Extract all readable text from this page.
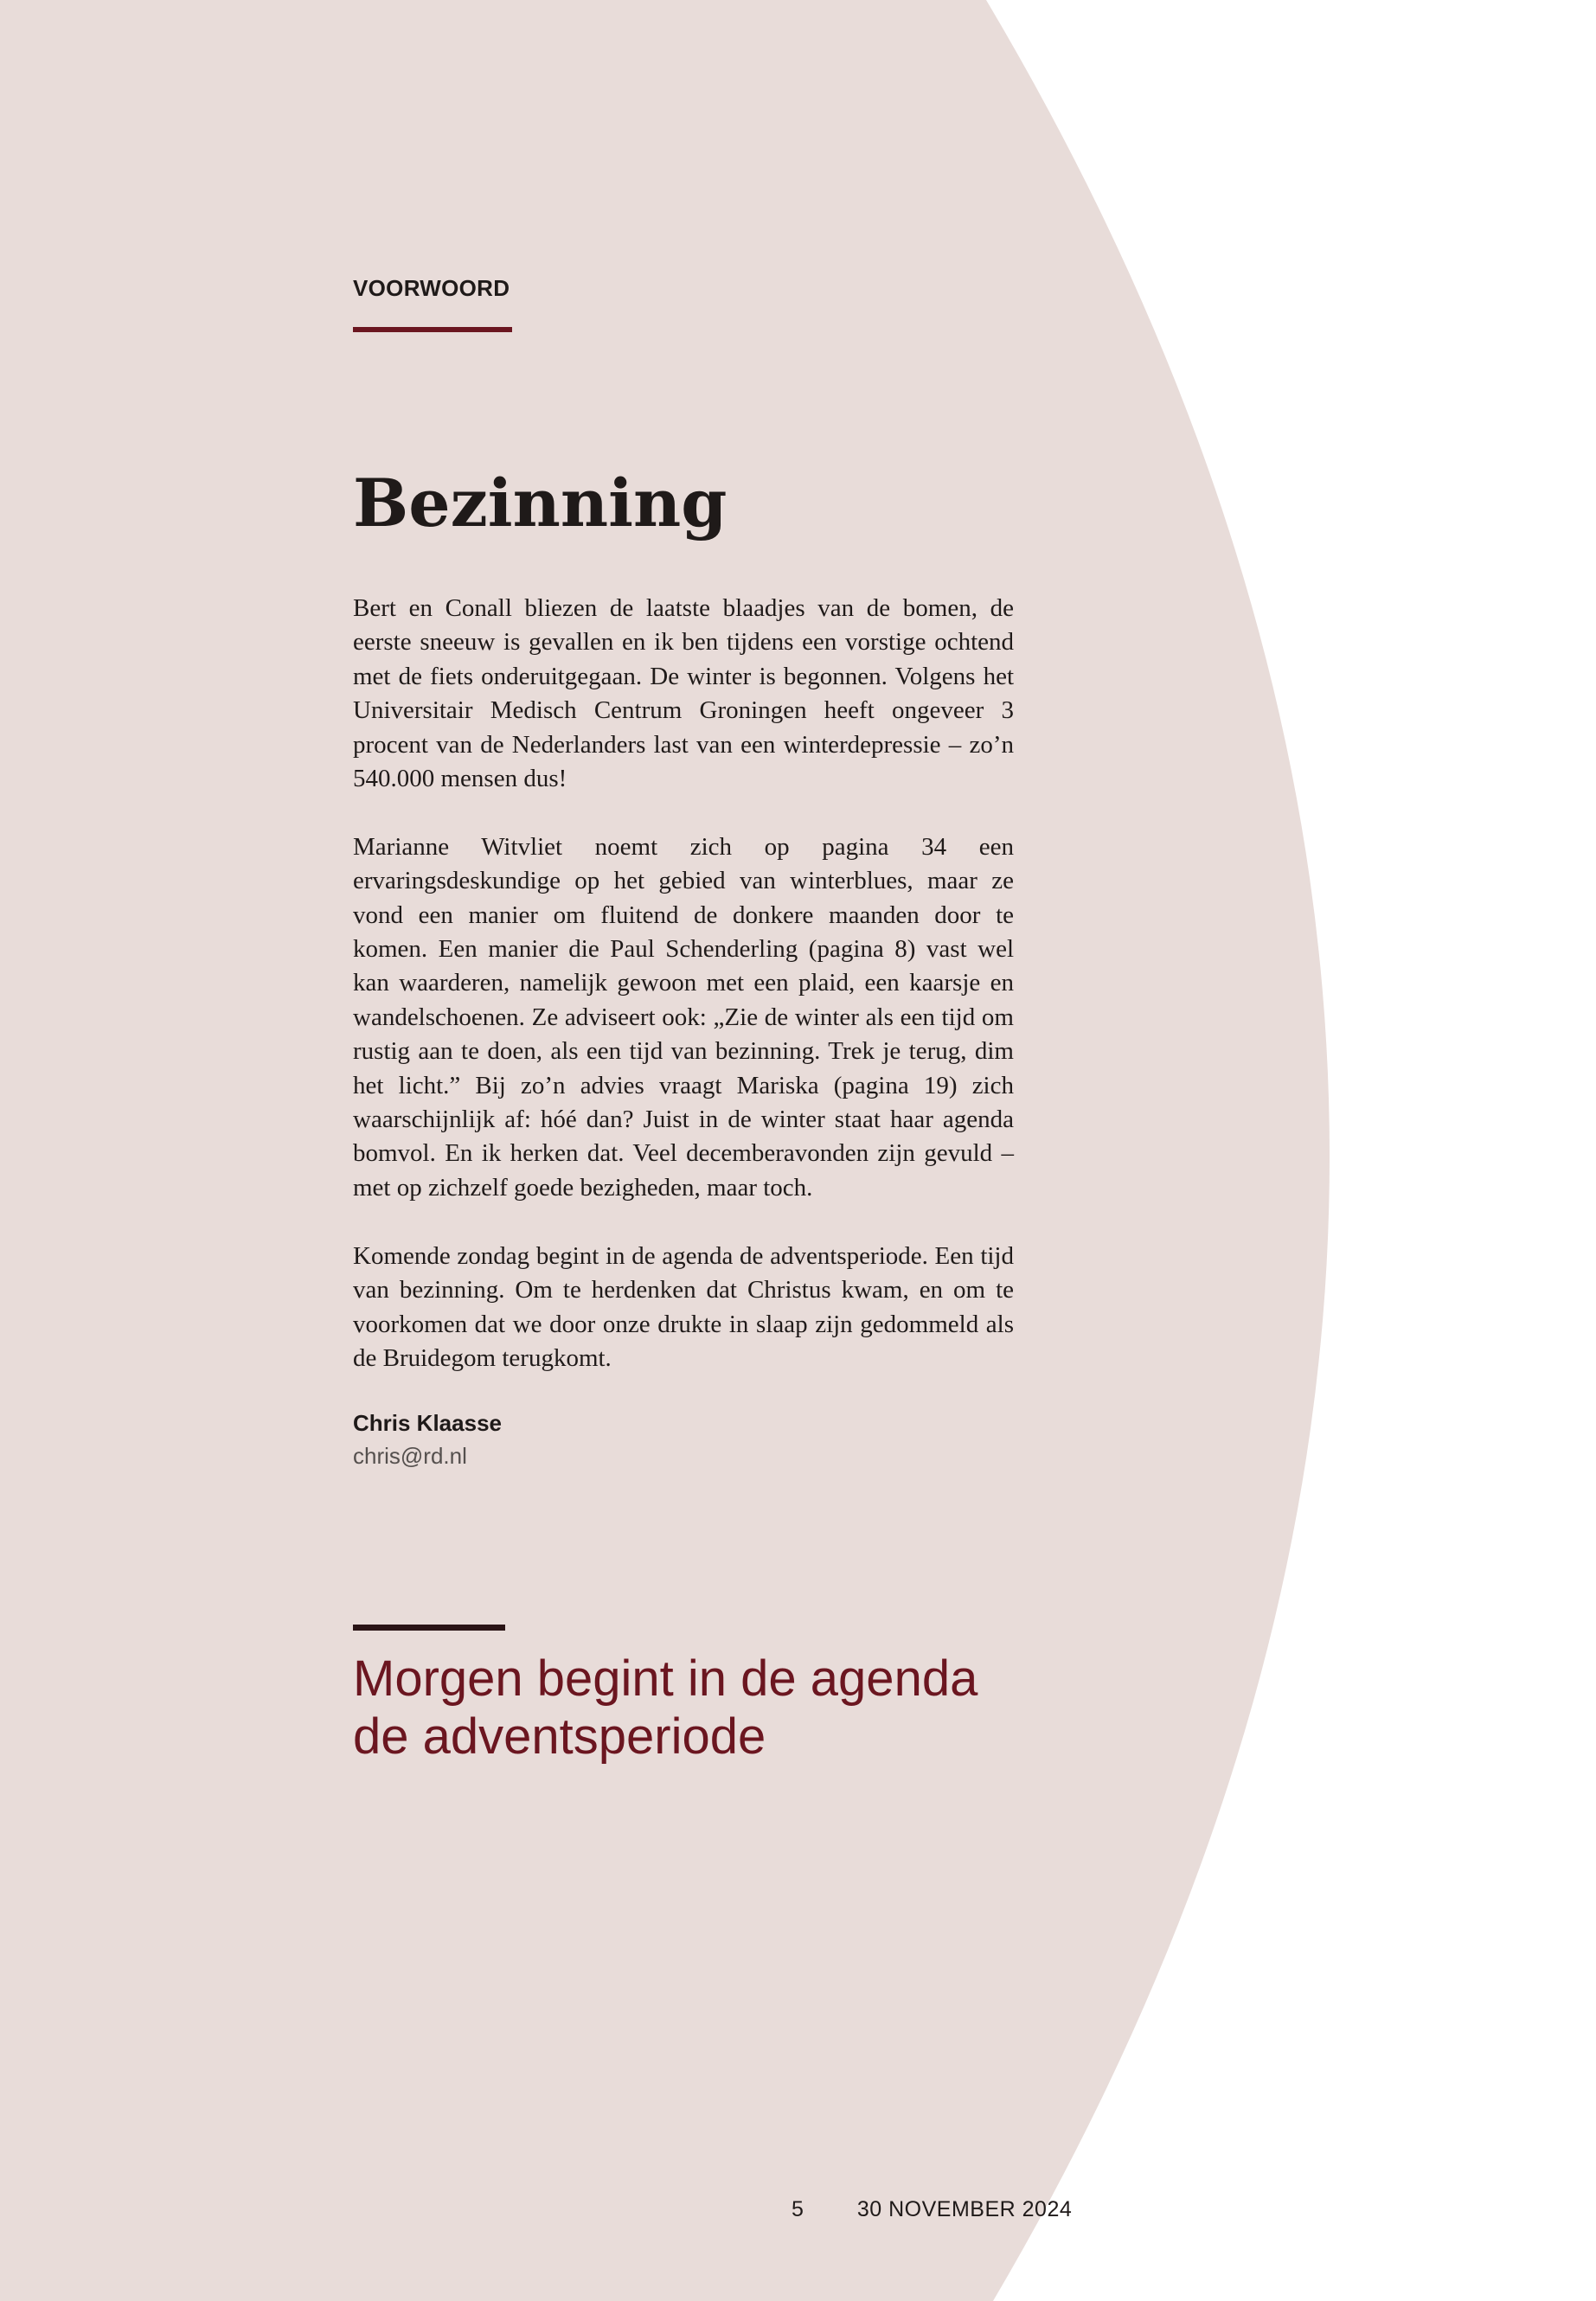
VOORWOORD
Bezinning

Bert en Conall bliezen de laatste blaadjes van de bomen, de eerste sneeuw is gevallen en ik ben tijdens een vorstige ochtend met de fiets onderuitgegaan. De winter is begonnen. Volgens het Universitair Medisch Centrum Groningen heeft ongeveer 3 procent van de Nederlanders last van een winterdepressie – zo’n 540.000 mensen dus!

Marianne Witvliet noemt zich op pagina 34 een ervaringsdeskundige op het gebied van winterblues, maar ze vond een manier om fluitend de donkere maanden door te komen. Een manier die Paul Schenderling (pagina 8) vast wel kan waarderen, namelijk gewoon met een plaid, een kaarsje en wandelschoenen. Ze adviseert ook: „Zie de winter als een tijd om rustig aan te doen, als een tijd van bezinning. Trek je terug, dim het licht.” Bij zo’n advies vraagt Mariska (pagina 19) zich waarschijnlijk af: hóé dan? Juist in de winter staat haar agenda bomvol. En ik herken dat. Veel decemberavonden zijn gevuld – met op zichzelf goede bezigheden, maar toch.

Komende zondag begint in de agenda de adventsperiode. Een tijd van bezinning. Om te herdenken dat Christus kwam, en om te voorkomen dat we door onze drukte in slaap zijn gedommeld als de Bruidegom terugkomt.

Chris Klaasse
chris@rd.nl
Morgen begint in de agenda de adventsperiode
5 30 NOVEMBER 2024
